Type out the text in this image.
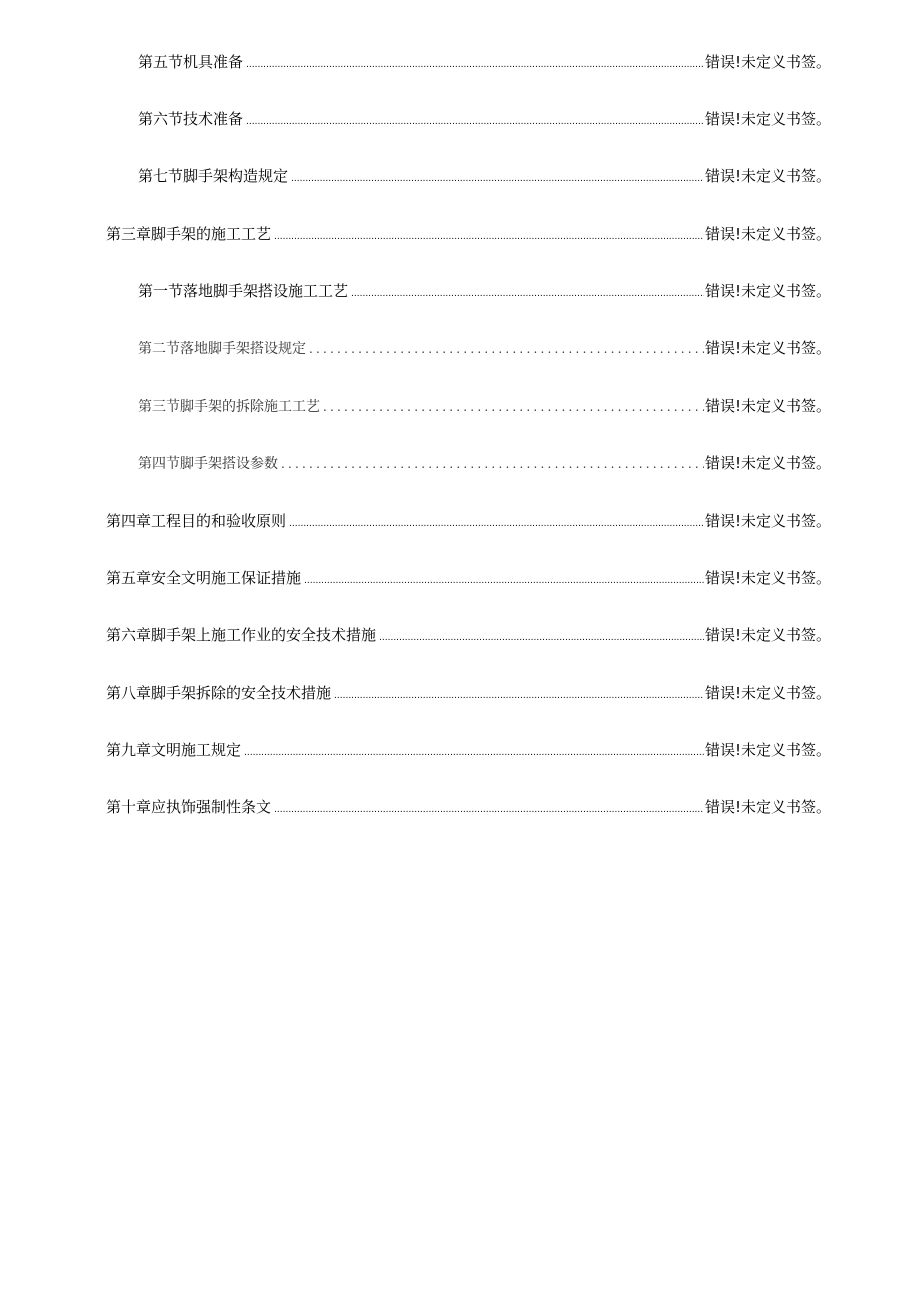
第五节机具准备 .....	错误!未定义书签。
第六节技术准备 .....	错误!未定义书签。
第七节脚手架构造规定 .....	错误!未定义书签。
第三章脚手架的施工工艺 .....	错误!未定义书签。
第一节落地脚手架搭设施工工艺 .....	错误!未定义书签。
第二节落地脚手架搭设规定 .....	错误!未定义书签。
第三节脚手架的拆除施工工艺 .....	错误!未定义书签。
第四节脚手架搭设参数 .....	错误!未定义书签。
第四章工程目的和验收原则 .....	错误!未定义书签。
第五章安全文明施工保证措施 .....	错误!未定义书签。
第六章脚手架上施工作业的安全技术措施 .....	错误!未定义书签。
第八章脚手架拆除的安全技术措施 .....	错误!未定义书签。
第九章文明施工规定 .....	错误!未定义书签。
第十章应执饰强制性条文 .....	错误!未定义书签。
